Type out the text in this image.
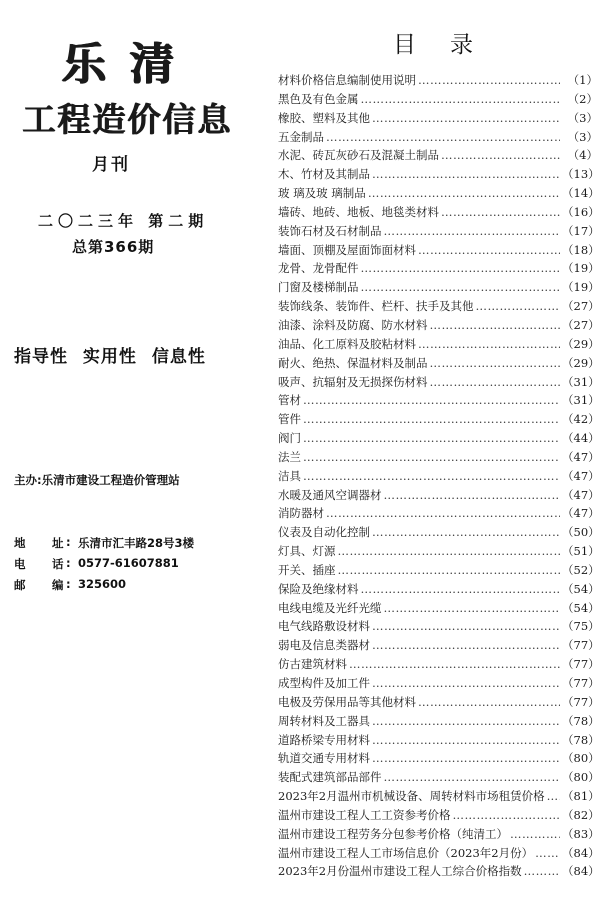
乐清
工程造价信息
月刊
二〇二三年 第二期
总第366期
指导性 实用性 信息性
主办:乐清市建设工程造价管理站
地	址 : 乐清市汇丰路28号3楼
电	话 : 0577-61607881
邮	编 : 325600
目录
材料价格信息编制使用说明 ……………………………………………………………………………………………………………………	（1）
黑色及有色金属 ……………………………………………………………………………………………………………………	（2）
橡胶、塑料及其他 ……………………………………………………………………………………………………………………	（3）
五金制品 ……………………………………………………………………………………………………………………	（3）
水泥、砖瓦灰砂石及混凝土制品 ……………………………………………………………………………………………………………………	（4）
木、竹材及其制品 ……………………………………………………………………………………………………………………	（13）
玻 璃及玻 璃制品 ……………………………………………………………………………………………………………………	（14）
墙砖、地砖、地板、地毯类材料 ……………………………………………………………………………………………………………………	（16）
装饰石材及石材制品 ……………………………………………………………………………………………………………………	（17）
墙面、顶棚及屋面饰面材料 ……………………………………………………………………………………………………………………	（18）
龙骨、龙骨配件 ……………………………………………………………………………………………………………………	（19）
门窗及楼梯制品 ……………………………………………………………………………………………………………………	（19）
装饰线条、装饰件、栏杆、扶手及其他 ……………………………………………………………………………………………………………………	（27）
油漆、涂料及防腐、防水材料 ……………………………………………………………………………………………………………………	（27）
油品、化工原料及胶粘材料 ……………………………………………………………………………………………………………………	（29）
耐火、绝热、保温材料及制品 ……………………………………………………………………………………………………………………	（29）
吸声、抗辐射及无损探伤材料 ……………………………………………………………………………………………………………………	（31）
管材 ……………………………………………………………………………………………………………………	（31）
管件 ……………………………………………………………………………………………………………………	（42）
阀门 ……………………………………………………………………………………………………………………	（44）
法兰 ……………………………………………………………………………………………………………………	（47）
洁具 ……………………………………………………………………………………………………………………	（47）
水暖及通风空调器材 ……………………………………………………………………………………………………………………	（47）
消防器材 ……………………………………………………………………………………………………………………	（47）
仪表及自动化控制 ……………………………………………………………………………………………………………………	（50）
灯具、灯源 ……………………………………………………………………………………………………………………	（51）
开关、插座 ……………………………………………………………………………………………………………………	（52）
保险及绝缘材料 ……………………………………………………………………………………………………………………	（54）
电线电缆及光纤光缆 ……………………………………………………………………………………………………………………	（54）
电气线路敷设材料 ……………………………………………………………………………………………………………………	（75）
弱电及信息类器材 ……………………………………………………………………………………………………………………	（77）
仿古建筑材料 ……………………………………………………………………………………………………………………	（77）
成型构件及加工件 ……………………………………………………………………………………………………………………	（77）
电极及劳保用品等其他材料 ……………………………………………………………………………………………………………………	（77）
周转材料及工器具 ……………………………………………………………………………………………………………………	（78）
道路桥梁专用材料 ……………………………………………………………………………………………………………………	（78）
轨道交通专用材料 ……………………………………………………………………………………………………………………	（80）
装配式建筑部品部件 ……………………………………………………………………………………………………………………	（80）
2023年2月温州市机械设备、周转材料市场租赁价格 …………………………………………………………………………………………………………………… （81）
温州市建设工程人工工资参考价格 ……………………………………………………………………………………………………………………	（82）
温州市建设工程劳务分包参考价格（纯清工） ……………………………………………………………………………………………………………………	（83）
温州市建设工程人工市场信息价（2023年2月份） ……………………………………………………………………………………………………………………	（84）
2023年2月份温州市建设工程人工综合价格指数 ……………………………………………………………………………………………………………………	（84）
